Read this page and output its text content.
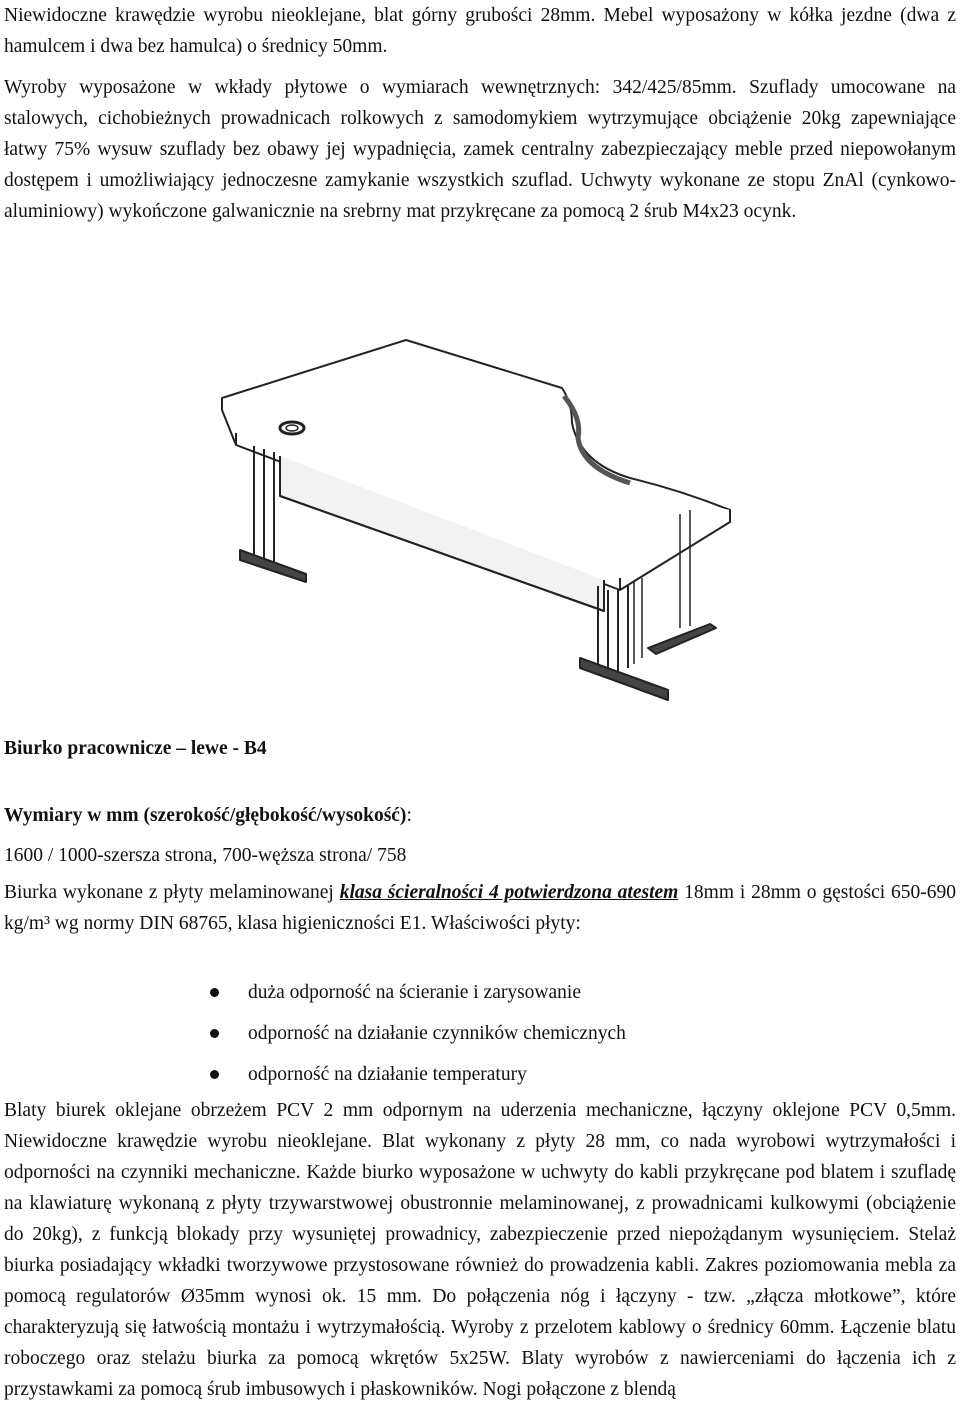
Niewidoczne krawędzie wyrobu nieoklejane, blat górny grubości 28mm. Mebel wyposażony w kółka jezdne (dwa z hamulcem i dwa bez hamulca) o średnicy 50mm.

Wyroby wyposażone w wkłady płytowe o wymiarach wewnętrznych: 342/425/85mm. Szuflady umocowane na stalowych, cichobieżnych prowadnicach rolkowych z samodomykiem wytrzymujące obciążenie 20kg zapewniające łatwy 75% wysuw szuflady bez obawy jej wypadnięcia, zamek centralny zabezpieczający meble przed niepowołanym dostępem i umożliwiający jednoczesne zamykanie wszystkich szuflad. Uchwyty wykonane ze stopu ZnAl (cynkowo-aluminiowy) wykończone galwanicznie na srebrny mat przykręcane za pomocą 2 śrub M4x23 ocynk.

Biurko pracownicze – lewe - B4

Wymiary w mm (szerokość/głębokość/wysokość):

1600 / 1000-szersza strona, 700-węższa strona/ 758

Biurka wykonane z płyty melaminowanej klasa ścieralności 4 potwierdzona atestem 18mm i 28mm o gęstości 650-690 kg/m³ wg normy DIN 68765, klasa higieniczności E1. Właściwości płyty:

duża odporność na ścieranie i zarysowanie
odporność na działanie czynników chemicznych
odporność na działanie temperatury

Blaty biurek oklejane obrzeżem PCV 2 mm odpornym na uderzenia mechaniczne, łączyny oklejone PCV 0,5mm. Niewidoczne krawędzie wyrobu nieoklejane. Blat wykonany z płyty 28 mm, co nada wyrobowi wytrzymałości i odporności na czynniki mechaniczne. Każde biurko wyposażone w uchwyty do kabli przykręcane pod blatem i szufladę na klawiaturę wykonaną z płyty trzywarstwowej obustronnie melaminowanej, z prowadnicami kulkowymi (obciążenie do 20kg), z funkcją blokady przy wysuniętej prowadnicy, zabezpieczenie przed niepożądanym wysunięciem. Stelaż biurka posiadający wkładki tworzywowe przystosowane również do prowadzenia kabli. Zakres poziomowania mebla za pomocą regulatorów Ø35mm wynosi ok. 15 mm. Do połączenia nóg i łączyny - tzw. „złącza młotkowe”, które charakteryzują się łatwością montażu i wytrzymałością. Wyroby z przelotem kablowy o średnicy 60mm. Łączenie blatu roboczego oraz stelażu biurka za pomocą wkrętów 5x25W. Blaty wyrobów z nawierceniami do łączenia ich z przystawkami za pomocą śrub imbusowych i płaskowników. Nogi połączone z blendą
